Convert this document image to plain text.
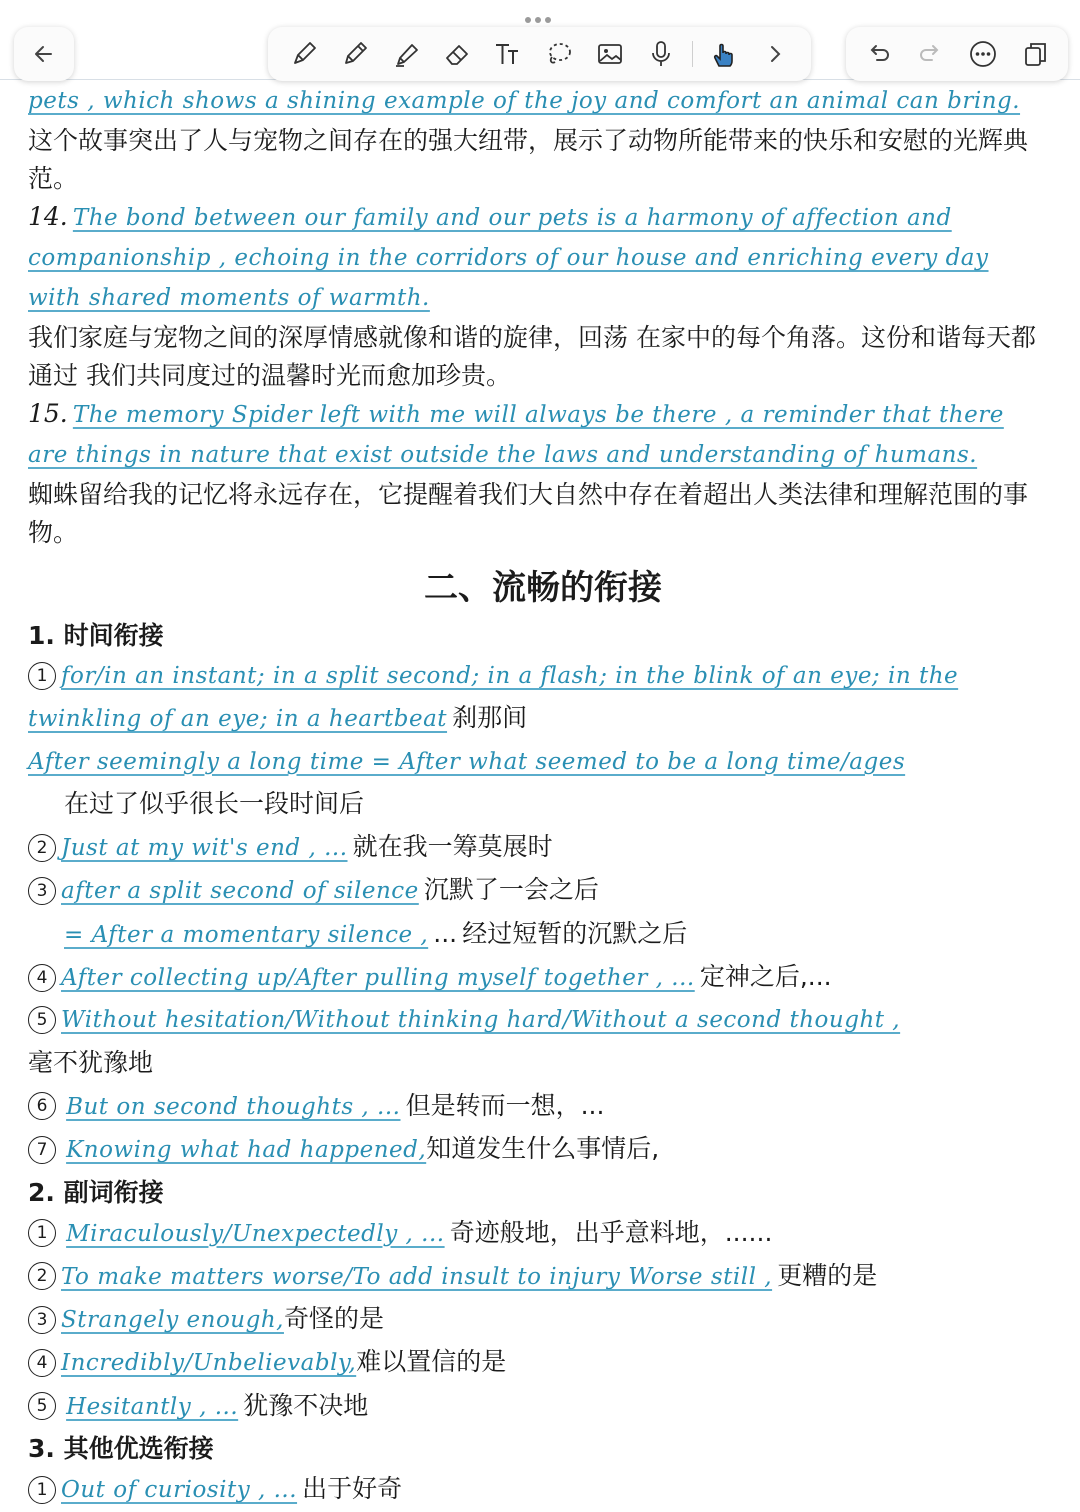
pets , which shows a shining example of the joy and comfort an animal can bring.

这个故事突出了人与宠物之间存在的强大纽带，展示了动物所能带来的快乐和安慰的光辉典范。

14. The bond between our family and our pets is a harmony of affection and

companionship , echoing in the corridors of our house and enriching every day

with shared moments of warmth.

我们家庭与宠物之间的深厚情感就像和谐的旋律，回荡 在家中的每个角落。这份和谐每天都通过 我们共同度过的温馨时光而愈加珍贵。

15. The memory Spider left with me will always be there , a reminder that there

are things in nature that exist outside the laws and understanding of humans.

蜘蛛留给我的记忆将永远存在，它提醒着我们大自然中存在着超出人类法律和理解范围的事物。

二、流畅的衔接

1. 时间衔接

1 for/in an instant; in a split second; in a flash; in the blink of an eye; in the

twinkling of an eye; in a heartbeat 刹那间

After seemingly a long time = After what seemed to be a long time/ages

在过了似乎很长一段时间后

2 Just at my wit's end , ... 就在我一筹莫展时

3 after a split second of silence 沉默了一会之后

= After a momentary silence , ... 经过短暂的沉默之后

4 After collecting up/After pulling myself together , ... 定神之后,...

5 Without hesitation/Without thinking hard/Without a second thought ,

毫不犹豫地

6 But on second thoughts , ... 但是转而一想，...

7 Knowing what had happened,知道发生什么事情后,

2. 副词衔接

1 Miraculously/Unexpectedly , ... 奇迹般地，出乎意料地，......

2 To make matters worse/To add insult to injury Worse still , 更糟的是

3 Strangely enough,奇怪的是

4 Incredibly/Unbelievably,难以置信的是

5 Hesitantly , ... 犹豫不决地

3. 其他优选衔接

1 Out of curiosity , ... 出于好奇
